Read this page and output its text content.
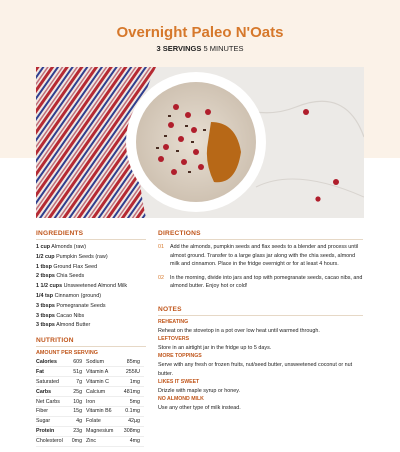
Overnight Paleo N'Oats
3 SERVINGS 5 MINUTES
INGREDIENTS
1 cup Almonds (raw)
1/2 cup Pumpkin Seeds (raw)
1 tbsp Ground Flax Seed
2 tbsps Chia Seeds
1 1/2 cups Unsweetened Almond Milk
1/4 tsp Cinnamon (ground)
3 tbsps Pomegranate Seeds
3 tbsps Cacao Nibs
3 tbsps Almond Butter
NUTRITION
AMOUNT PER SERVING
Calories	609	Sodium	85mg
Fat	51g	Vitamin A	255IU
Saturated	7g	Vitamin C	1mg
Carbs	25g	Calcium	481mg
Net Carbs	10g	Iron	5mg
Fiber	15g	Vitamin B6	0.1mg
Sugar	4g	Folate	42µg
Protein	23g	Magnesium	308mg
Cholesterol	0mg	Zinc	4mg
DIRECTIONS
01	Add the almonds, pumpkin seeds and flax seeds to a blender and process until almost ground. Transfer to a large glass jar along with the chia seeds, almond milk and cinnamon. Place in the fridge overnight or for at least 4 hours.
02	In the morning, divide into jars and top with pomegranate seeds, cacao nibs, and almond butter. Enjoy hot or cold!
NOTES
REHEATING
Reheat on the stovetop in a pot over low heat until warmed through.
LEFTOVERS
Store in an airtight jar in the fridge up to 5 days.
MORE TOPPINGS
Serve with any fresh or frozen fruits, nut/seed butter, unsweetened coconut or nut butter.
LIKES IT SWEET
Drizzle with maple syrup or honey.
NO ALMOND MILK
Use any other type of milk instead.
